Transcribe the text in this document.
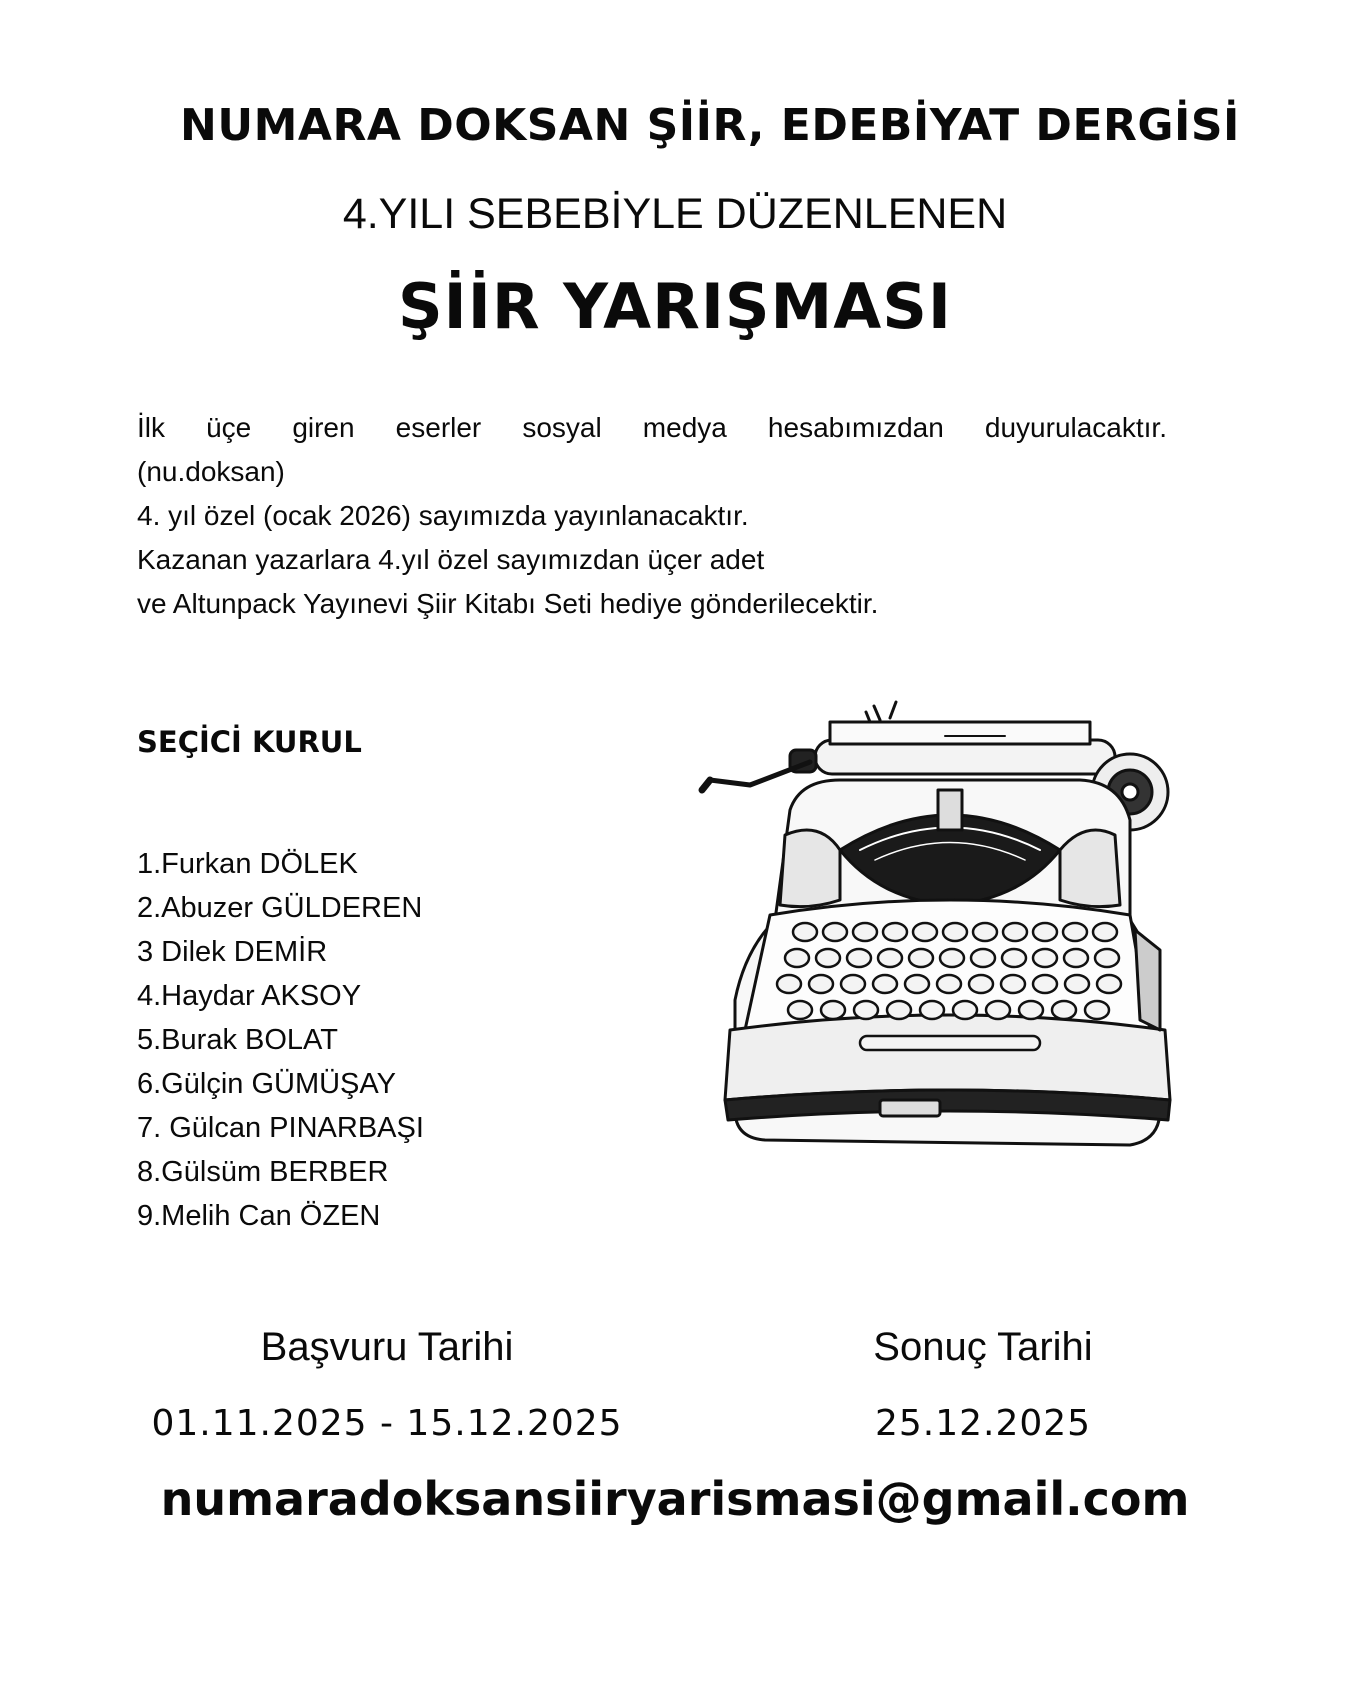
NUMARA DOKSAN ŞİİR, EDEBİYAT DERGİSİ
4.YILI SEBEBİYLE DÜZENLENEN
ŞİİR YARIŞMASI
İlk üçe giren eserler sosyal medya hesabımızdan duyurulacaktır.
(nu.doksan)
4. yıl özel (ocak 2026) sayımızda yayınlanacaktır.
Kazanan yazarlara 4.yıl özel sayımızdan üçer adet
ve Altunpack Yayınevi Şiir Kitabı Seti hediye gönderilecektir.
SEÇİCİ KURUL
1.Furkan DÖLEK
2.Abuzer GÜLDEREN
3 Dilek DEMİR
4.Haydar AKSOY
5.Burak BOLAT
6.Gülçin GÜMÜŞAY
7. Gülcan PINARBAŞI
8.Gülsüm BERBER
9.Melih Can ÖZEN
Başvuru Tarihi
01.11.2025 - 15.12.2025
Sonuç Tarihi
25.12.2025
numaradoksansiiryarismasi@gmail.com
